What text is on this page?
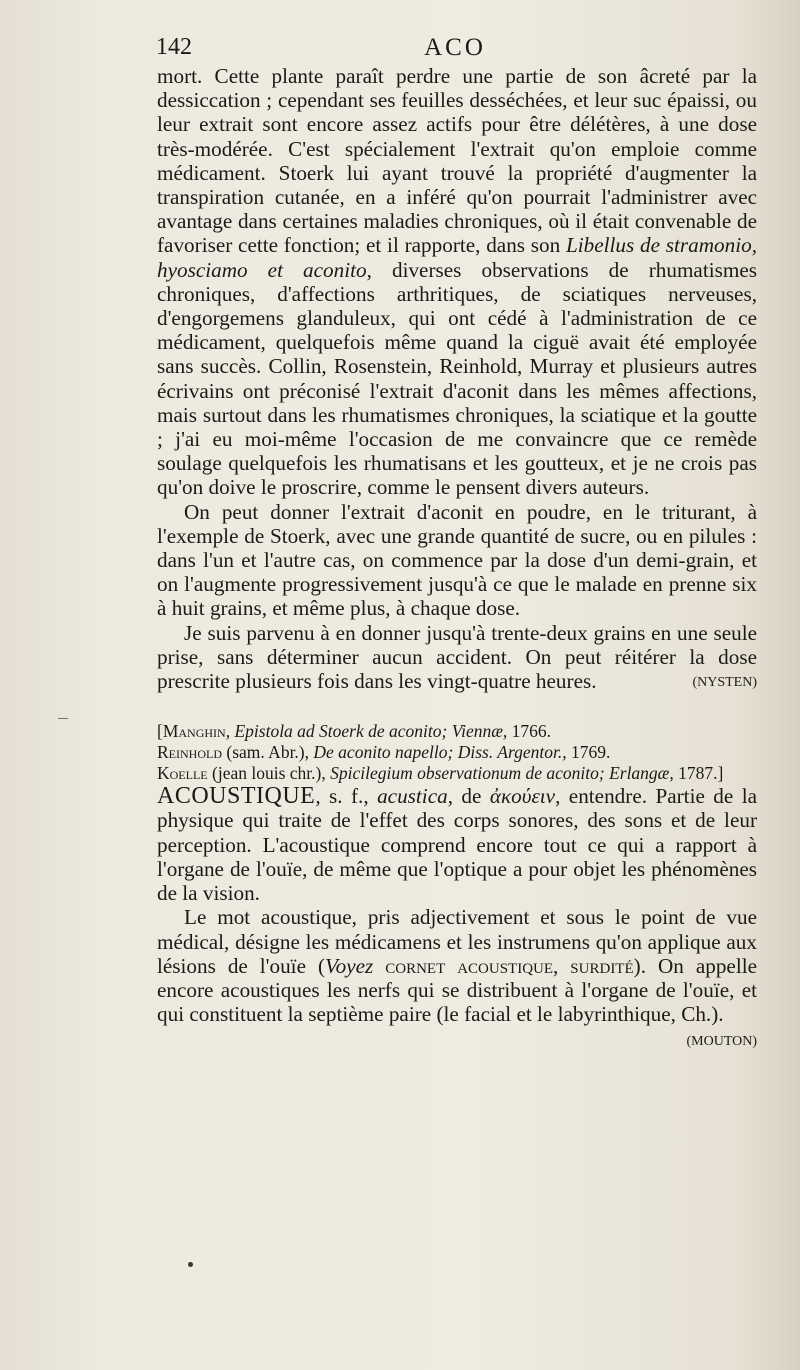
142	ACO

mort. Cette plante paraît perdre une partie de son âcreté par la dessiccation ; cependant ses feuilles desséchées, et leur suc épaissi, ou leur extrait sont encore assez actifs pour être délétères, à une dose très-modérée. C'est spécialement l'extrait qu'on emploie comme médicament. Stoerk lui ayant trouvé la propriété d'augmenter la transpiration cutanée, en a inféré qu'on pourrait l'administrer avec avantage dans certaines maladies chroniques, où il était convenable de favoriser cette fonction; et il rapporte, dans son Libellus de stramonio, hyosciamo et aconito, diverses observations de rhumatismes chroniques, d'affections arthritiques, de sciatiques nerveuses, d'engorgemens glanduleux, qui ont cédé à l'administration de ce médicament, quelquefois même quand la ciguë avait été employée sans succès. Collin, Rosenstein, Reinhold, Murray et plusieurs autres écrivains ont préconisé l'extrait d'aconit dans les mêmes affections, mais surtout dans les rhumatismes chroniques, la sciatique et la goutte ; j'ai eu moi-même l'occasion de me convaincre que ce remède soulage quelquefois les rhumatisans et les goutteux, et je ne crois pas qu'on doive le proscrire, comme le pensent divers auteurs.

On peut donner l'extrait d'aconit en poudre, en le triturant, à l'exemple de Stoerk, avec une grande quantité de sucre, ou en pilules : dans l'un et l'autre cas, on commence par la dose d'un demi-grain, et on l'augmente progressivement jusqu'à ce que le malade en prenne six à huit grains, et même plus, à chaque dose.

Je suis parvenu à en donner jusqu'à trente-deux grains en une seule prise, sans déterminer aucun accident. On peut réitérer la dose prescrite plusieurs fois dans les vingt-quatre heures.	(NYSTEN)

[Manghin, Epistola ad Stoerk de aconito; Viennæ, 1766.
Reinhold (sam. Abr.), De aconito napello; Diss. Argentor., 1769.
Koelle (jean louis chr.), Spicilegium observationum de aconito; Erlangæ, 1787.]

ACOUSTIQUE, s. f., acustica, de ἀκούειν, entendre. Partie de la physique qui traite de l'effet des corps sonores, des sons et de leur perception. L'acoustique comprend encore tout ce qui a rapport à l'organe de l'ouïe, de même que l'optique a pour objet les phénomènes de la vision.

Le mot acoustique, pris adjectivement et sous le point de vue médical, désigne les médicamens et les instrumens qu'on applique aux lésions de l'ouïe (Voyez cornet acoustique, surdité). On appelle encore acoustiques les nerfs qui se distribuent à l'organe de l'ouïe, et qui constituent la septième paire (le facial et le labyrinthique, Ch.).
(MOUTON)
